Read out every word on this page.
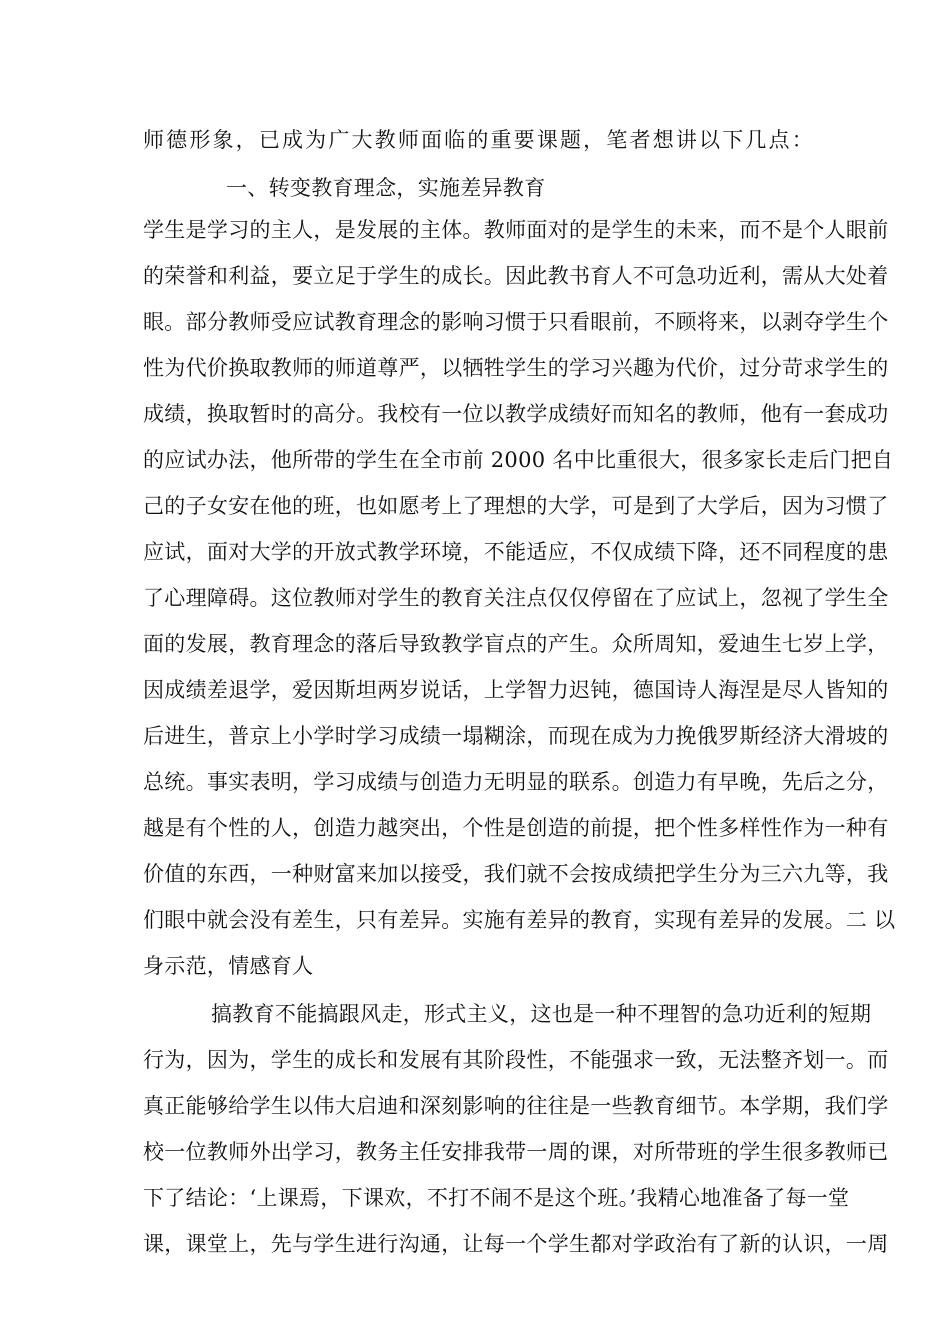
师德形象，已成为广大教师面临的重要课题，笔者想讲以下几点：
一、转变教育理念，实施差异教育
学生是学习的主人，是发展的主体。教师面对的是学生的未来，而不是个人眼前
的荣誉和利益，要立足于学生的成长。因此教书育人不可急功近利，需从大处着
眼。部分教师受应试教育理念的影响习惯于只看眼前，不顾将来，以剥夺学生个
性为代价换取教师的师道尊严，以牺牲学生的学习兴趣为代价，过分苛求学生的
成绩，换取暂时的高分。我校有一位以教学成绩好而知名的教师，他有一套成功
的应试办法，他所带的学生在全市前 2000 名中比重很大，很多家长走后门把自
己的子女安在他的班，也如愿考上了理想的大学，可是到了大学后，因为习惯了
应试，面对大学的开放式教学环境，不能适应，不仅成绩下降，还不同程度的患
了心理障碍。这位教师对学生的教育关注点仅仅停留在了应试上，忽视了学生全
面的发展，教育理念的落后导致教学盲点的产生。众所周知，爱迪生七岁上学，
因成绩差退学，爱因斯坦两岁说话，上学智力迟钝，德国诗人海涅是尽人皆知的
后进生，普京上小学时学习成绩一塌糊涂，而现在成为力挽俄罗斯经济大滑坡的
总统。事实表明，学习成绩与创造力无明显的联系。创造力有早晚，先后之分，
越是有个性的人，创造力越突出，个性是创造的前提，把个性多样性作为一种有
价值的东西，一种财富来加以接受，我们就不会按成绩把学生分为三六九等，我
们眼中就会没有差生，只有差异。实施有差异的教育，实现有差异的发展。二 以
身示范，情感育人
搞教育不能搞跟风走，形式主义，这也是一种不理智的急功近利的短期
行为，因为，学生的成长和发展有其阶段性，不能强求一致，无法整齐划一。而
真正能够给学生以伟大启迪和深刻影响的往往是一些教育细节。本学期，我们学
校一位教师外出学习，教务主任安排我带一周的课，对所带班的学生很多教师已
下了结论：‘上课焉，下课欢，不打不闹不是这个班。’我精心地准备了每一堂
课，课堂上，先与学生进行沟通，让每一个学生都对学政治有了新的认识，一周
